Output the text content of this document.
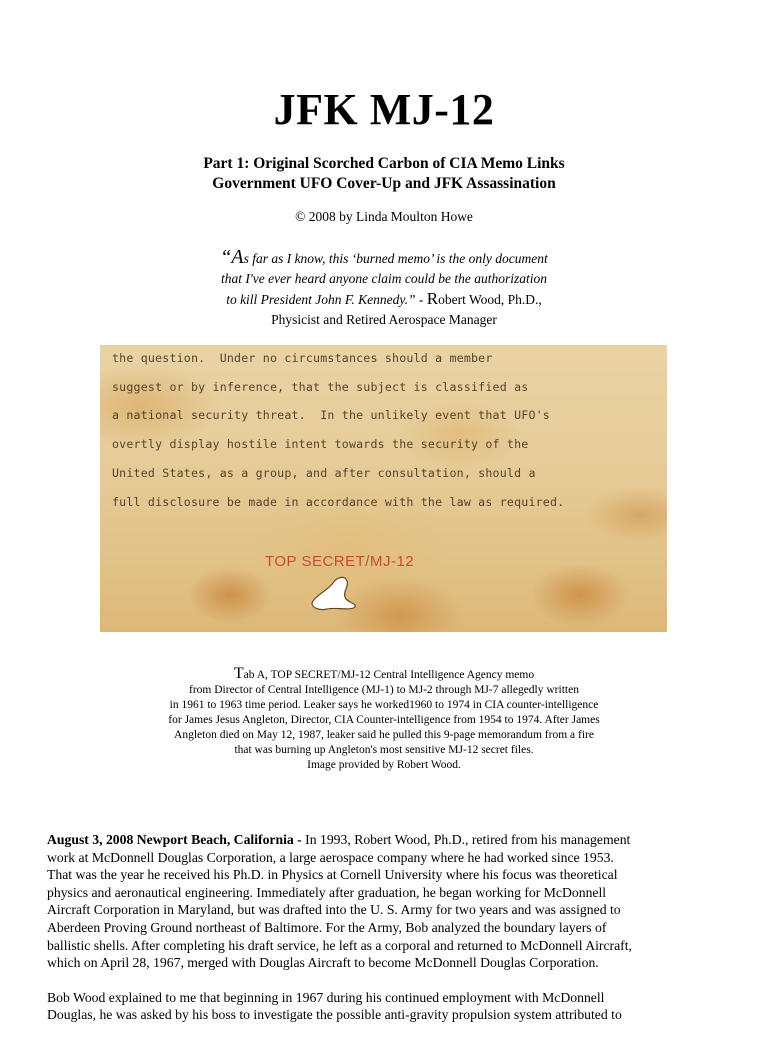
JFK MJ-12
Part 1: Original Scorched Carbon of CIA Memo Links
Government UFO Cover-Up and JFK Assassination
© 2008 by Linda Moulton Howe
“As far as I know, this ‘burned memo’ is the only document
that I've ever heard anyone claim could be the authorization
to kill President John F. Kennedy.” - Robert Wood, Ph.D.,
Physicist and Retired Aerospace Manager
the question.  Under no circumstances should a member
suggest or by inference, that the subject is classified as
a national security threat.  In the unlikely event that UFO's
overtly display hostile intent towards the security of the
United States, as a group, and after consultation, should a
full disclosure be made in accordance with the law as required.
TOP SECRET/MJ-12
Tab A, TOP SECRET/MJ-12 Central Intelligence Agency memo
from Director of Central Intelligence (MJ-1) to MJ-2 through MJ-7 allegedly written
in 1961 to 1963 time period. Leaker says he worked1960 to 1974 in CIA counter-intelligence
for James Jesus Angleton, Director, CIA Counter-intelligence from 1954 to 1974. After James
Angleton died on May 12, 1987, leaker said he pulled this 9-page memorandum from a fire
that was burning up Angleton's most sensitive MJ-12 secret files.
Image provided by Robert Wood.

August 3, 2008 Newport Beach, California - In 1993, Robert Wood, Ph.D., retired from his management
work at McDonnell Douglas Corporation, a large aerospace company where he had worked since 1953.
That was the year he received his Ph.D. in Physics at Cornell University where his focus was theoretical
physics and aeronautical engineering. Immediately after graduation, he began working for McDonnell
Aircraft Corporation in Maryland, but was drafted into the U. S. Army for two years and was assigned to
Aberdeen Proving Ground northeast of Baltimore. For the Army, Bob analyzed the boundary layers of
ballistic shells. After completing his draft service, he left as a corporal and returned to McDonnell Aircraft,
which on April 28, 1967, merged with Douglas Aircraft to become McDonnell Douglas Corporation.

Bob Wood explained to me that beginning in 1967 during his continued employment with McDonnell
Douglas, he was asked by his boss to investigate the possible anti-gravity propulsion system attributed to
